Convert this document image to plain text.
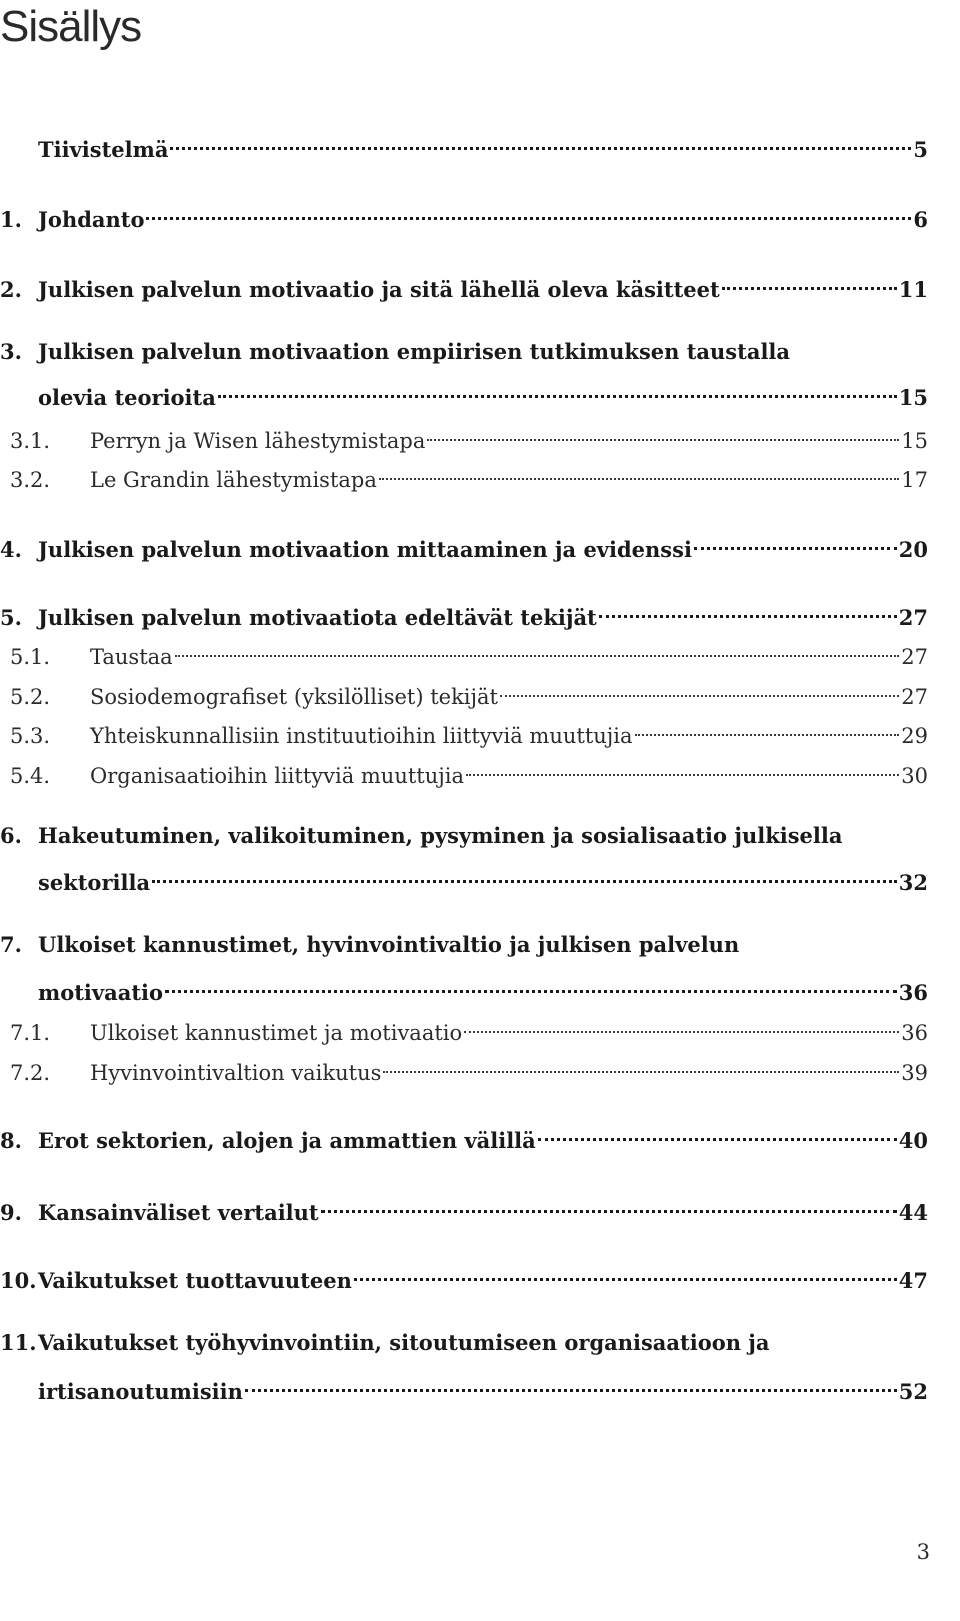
Sisällys
Tiivistelmä	5
1. Johdanto	6
2. Julkisen palvelun motivaatio ja sitä lähellä oleva käsitteet	11
3. Julkisen palvelun motivaation empiirisen tutkimuksen taustalla
olevia teorioita	15
3.1.	Perryn ja Wisen lähestymistapa	15
3.2.	Le Grandin lähestymistapa	17
4. Julkisen palvelun motivaation mittaaminen ja evidenssi	20
5. Julkisen palvelun motivaatiota edeltävät tekijät	27
5.1.	Taustaa	27
5.2.	Sosiodemografiset (yksilölliset) tekijät	27
5.3.	Yhteiskunnallisiin instituutioihin liittyviä muuttujia	29
5.4.	Organisaatioihin liittyviä muuttujia	30
6. Hakeutuminen, valikoituminen, pysyminen ja sosialisaatio julkisella
sektorilla	32
7. Ulkoiset kannustimet, hyvinvointivaltio ja julkisen palvelun
motivaatio	36
7.1.	Ulkoiset kannustimet ja motivaatio	36
7.2.	Hyvinvointivaltion vaikutus	39
8. Erot sektorien, alojen ja ammattien välillä	40
9. Kansainväliset vertailut	44
10. Vaikutukset tuottavuuteen	47
11. Vaikutukset työhyvinvointiin, sitoutumiseen organisaatioon ja
irtisanoutumisiin	52
3
